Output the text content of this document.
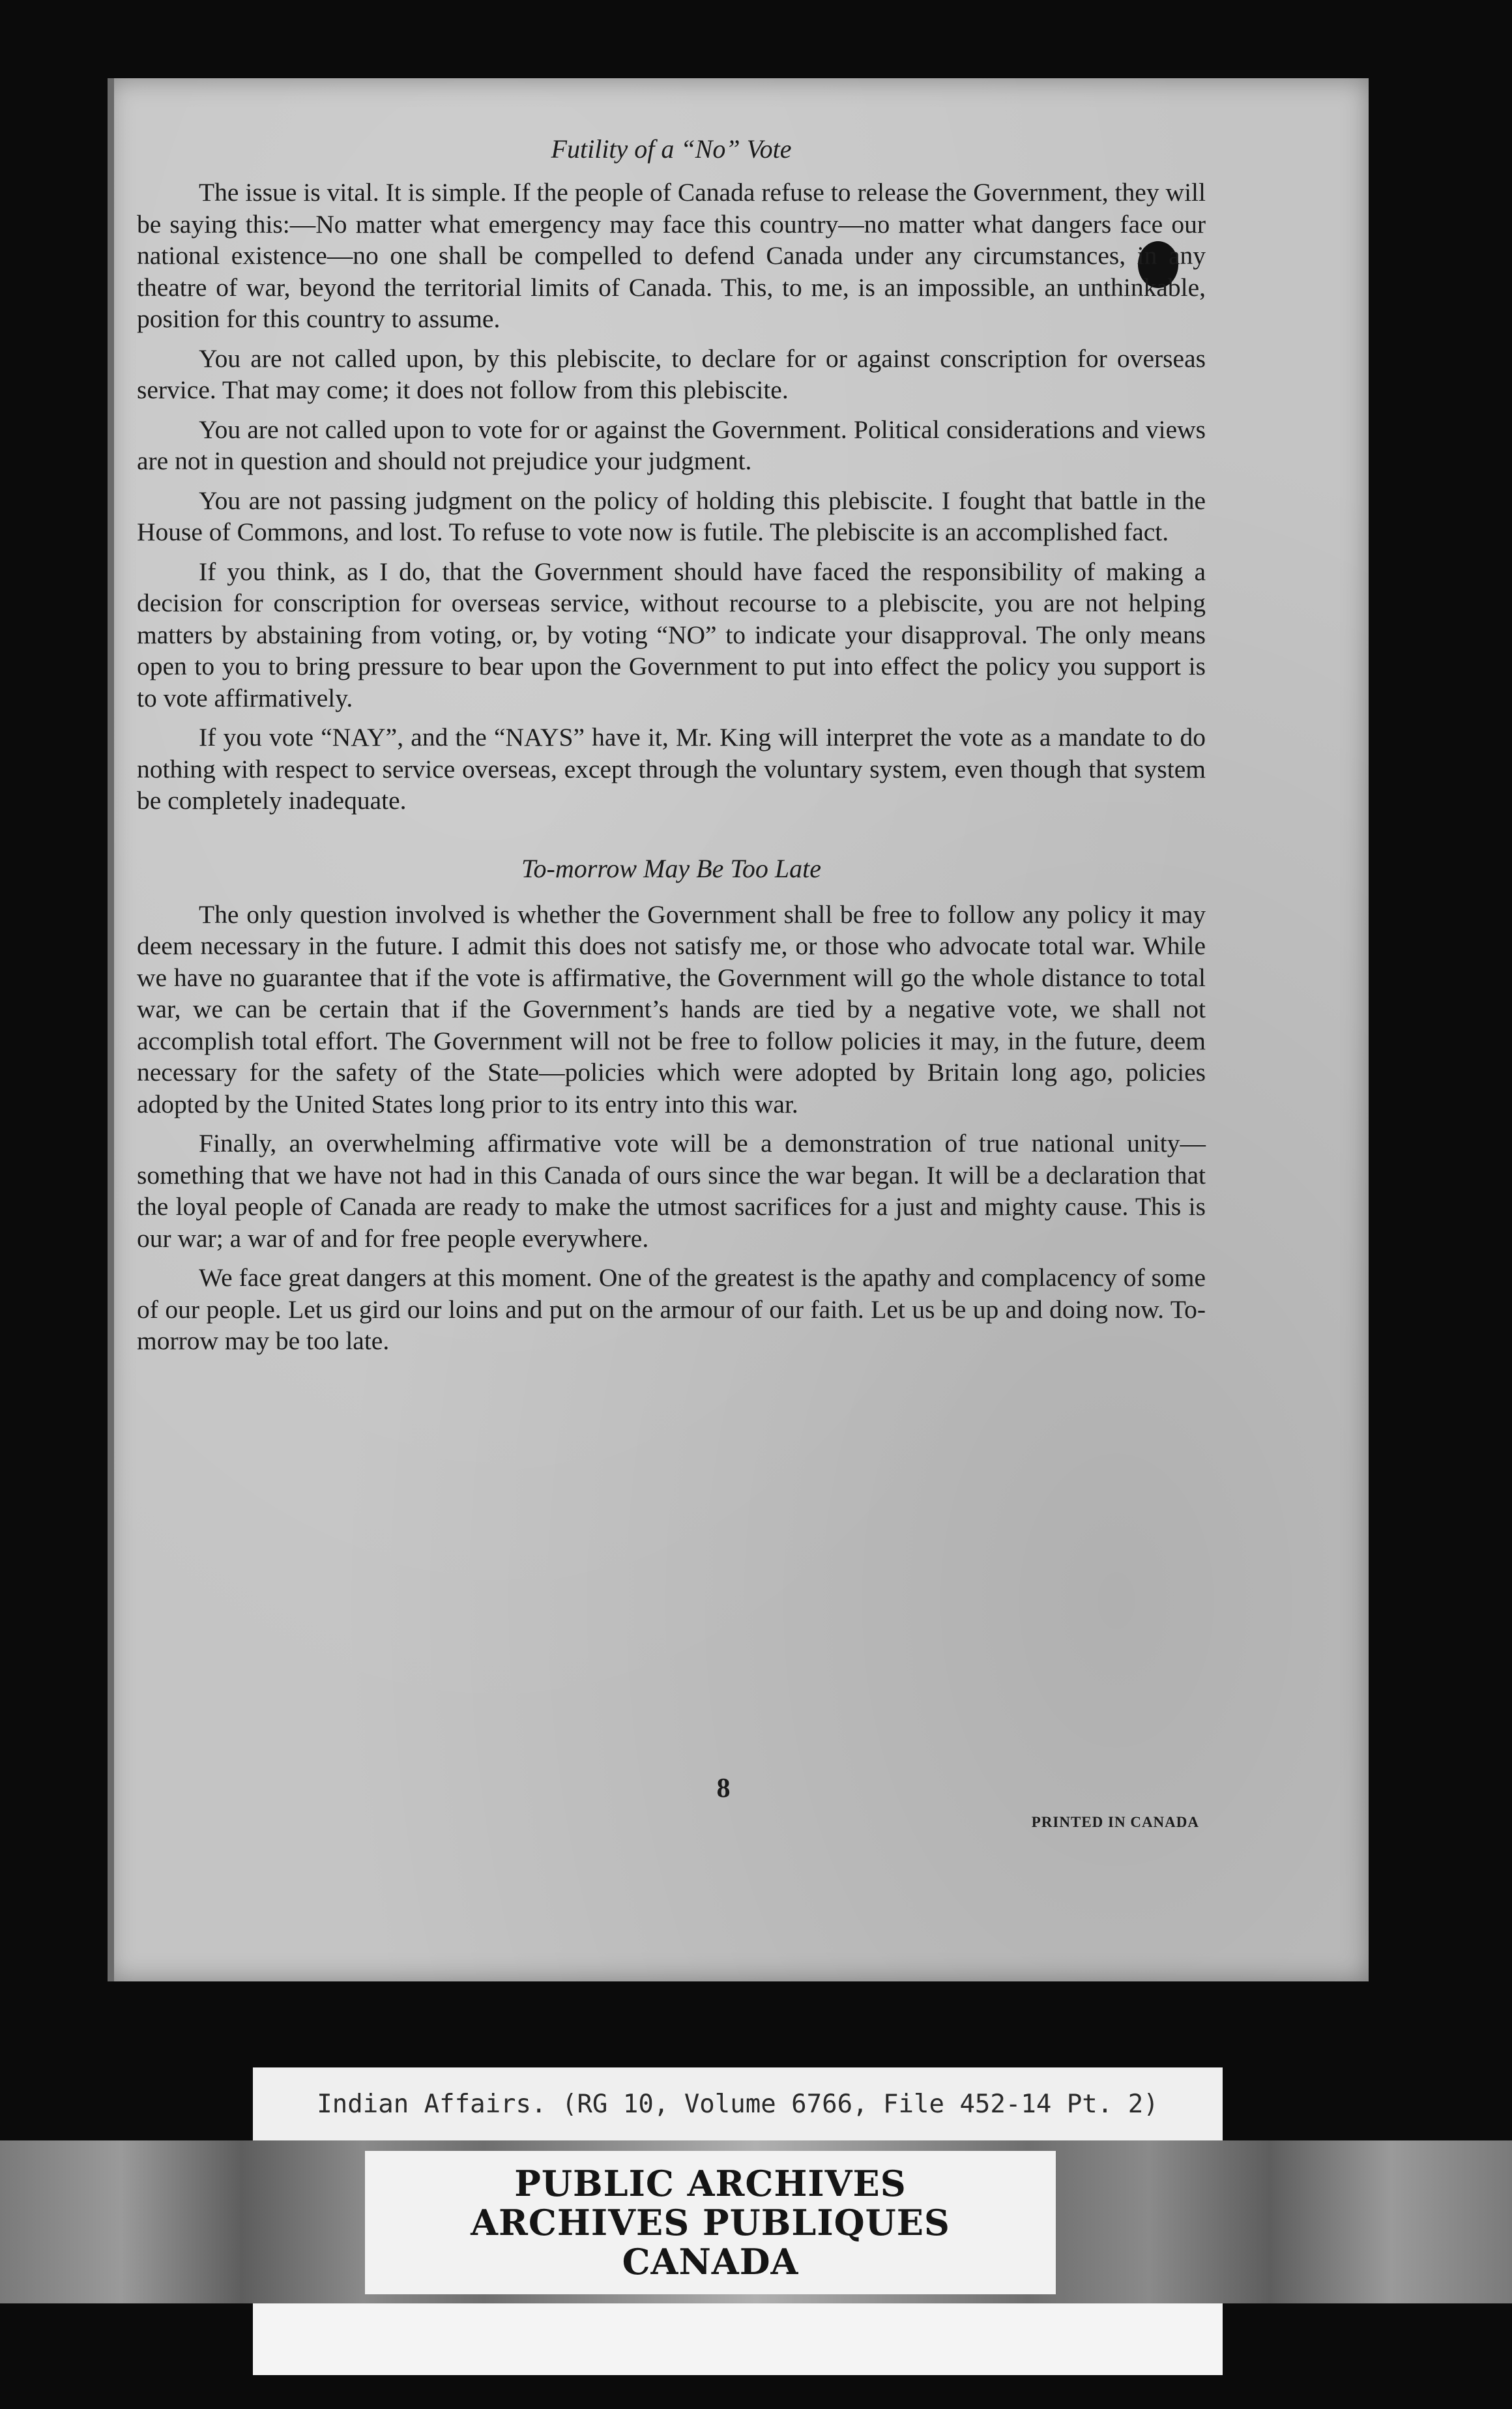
Futility of a “No” Vote

The issue is vital. It is simple. If the people of Canada refuse to release the Government, they will be saying this:—No matter what emergency may face this country—no matter what dangers face our national existence—no one shall be compelled to defend Canada under any circumstances, in any theatre of war, beyond the territorial limits of Canada. This, to me, is an impossible, an unthinkable, position for this country to assume.

You are not called upon, by this plebiscite, to declare for or against conscription for overseas service. That may come; it does not follow from this plebiscite.

You are not called upon to vote for or against the Government. Political considerations and views are not in question and should not prejudice your judgment.

You are not passing judgment on the policy of holding this plebiscite. I fought that battle in the House of Commons, and lost. To refuse to vote now is futile. The plebiscite is an accomplished fact.

If you think, as I do, that the Government should have faced the responsibility of making a decision for conscription for overseas service, without recourse to a plebiscite, you are not helping matters by abstaining from voting, or, by voting “NO” to indicate your disapproval. The only means open to you to bring pressure to bear upon the Government to put into effect the policy you support is to vote affirmatively.

If you vote “NAY”, and the “NAYS” have it, Mr. King will interpret the vote as a mandate to do nothing with respect to service overseas, except through the voluntary system, even though that system be completely inadequate.

To-morrow May Be Too Late

The only question involved is whether the Government shall be free to follow any policy it may deem necessary in the future. I admit this does not satisfy me, or those who advocate total war. While we have no guarantee that if the vote is affirmative, the Government will go the whole distance to total war, we can be certain that if the Government’s hands are tied by a negative vote, we shall not accomplish total effort. The Government will not be free to follow policies it may, in the future, deem necessary for the safety of the State—policies which were adopted by Britain long ago, policies adopted by the United States long prior to its entry into this war.

Finally, an overwhelming affirmative vote will be a demonstration of true national unity—something that we have not had in this Canada of ours since the war began. It will be a declaration that the loyal people of Canada are ready to make the utmost sacrifices for a just and mighty cause. This is our war; a war of and for free people everywhere.

We face great dangers at this moment. One of the greatest is the apathy and complacency of some of our people. Let us gird our loins and put on the armour of our faith. Let us be up and doing now. To-morrow may be too late.

8
PRINTED IN CANADA
Indian Affairs. (RG 10, Volume 6766, File 452-14 Pt. 2)
PUBLIC ARCHIVES
ARCHIVES PUBLIQUES
CANADA
